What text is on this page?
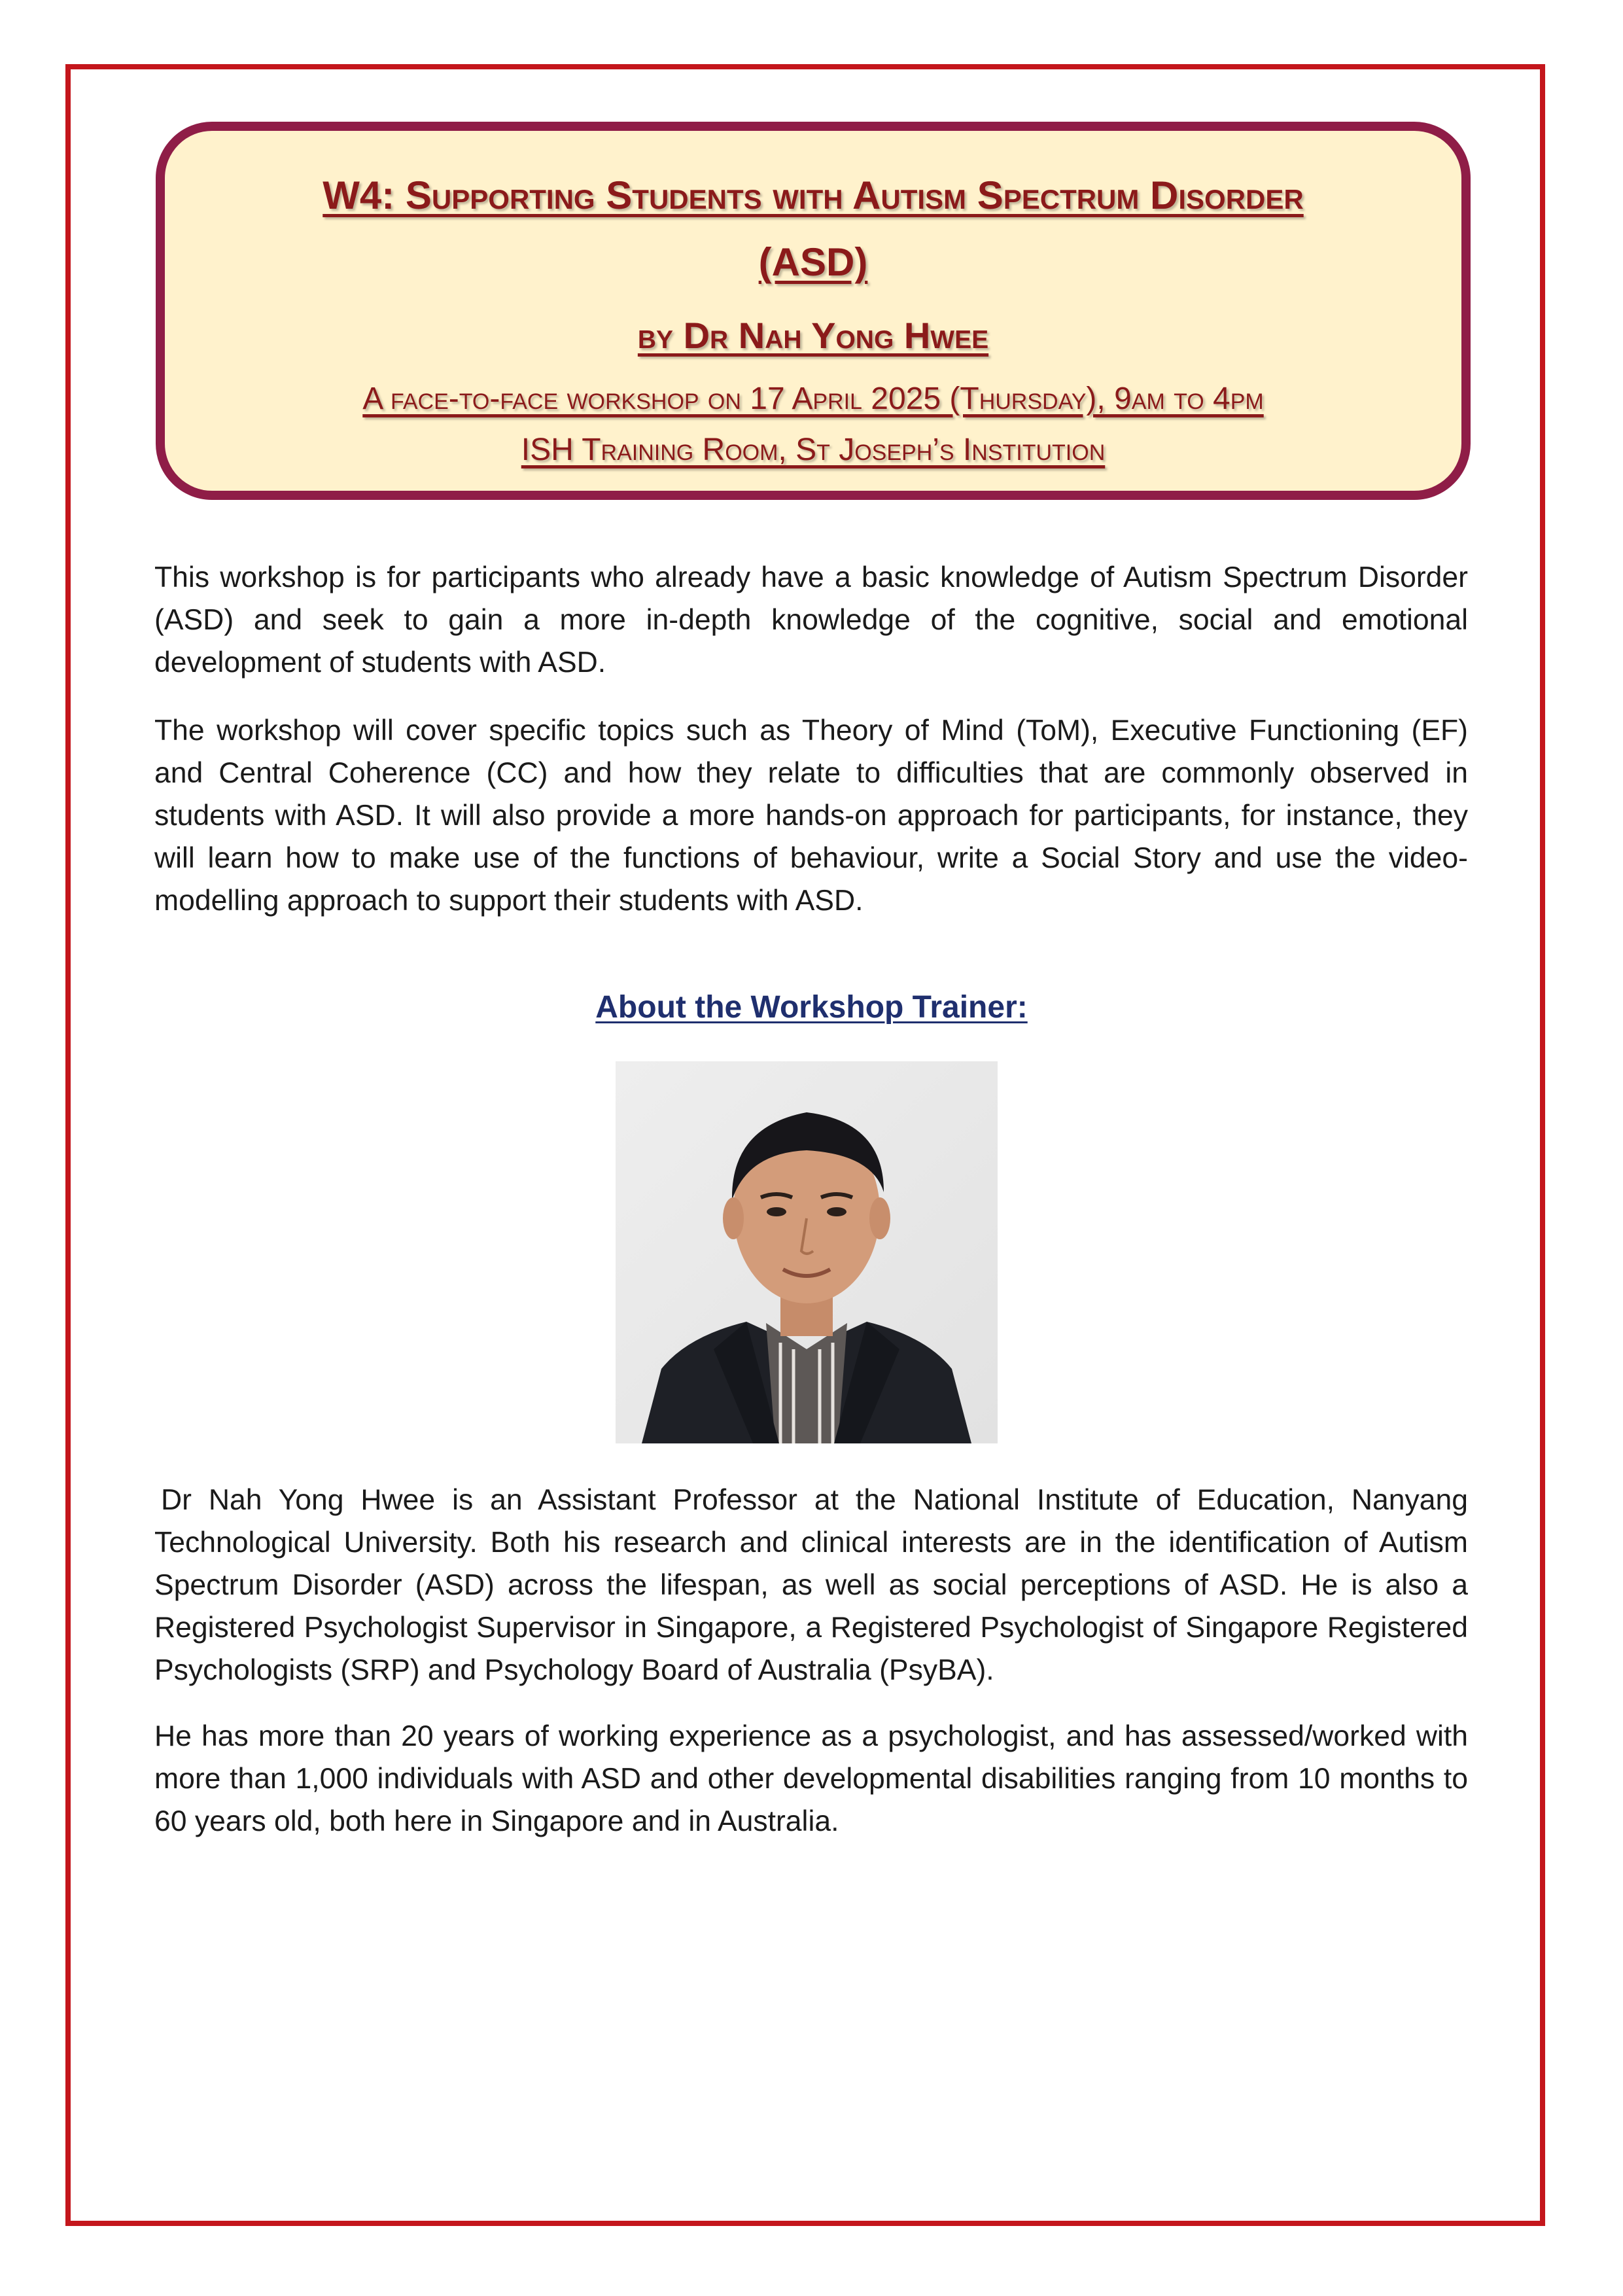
W4: Supporting Students with Autism Spectrum Disorder
(ASD)
by Dr Nah Yong Hwee
A face-to-face workshop on 17 April 2025 (Thursday), 9am to 4pm
ISH Training Room, St Joseph’s Institution

This workshop is for participants who already have a basic knowledge of Autism Spectrum Disorder (ASD) and seek to gain a more in-depth knowledge of the cognitive, social and emotional development of students with ASD.

The workshop will cover specific topics such as Theory of Mind (ToM), Executive Functioning (EF) and Central Coherence (CC) and how they relate to difficulties that are commonly observed in students with ASD. It will also provide a more hands-on approach for participants, for instance, they will learn how to make use of the functions of behaviour, write a Social Story and use the video-modelling approach to support their students with ASD.

About the Workshop Trainer:

Dr Nah Yong Hwee is an Assistant Professor at the National Institute of Education, Nanyang Technological University. Both his research and clinical interests are in the identification of Autism Spectrum Disorder (ASD) across the lifespan, as well as social perceptions of ASD. He is also a Registered Psychologist Supervisor in Singapore, a Registered Psychologist of Singapore Registered Psychologists (SRP) and Psychology Board of Australia (PsyBA).

He has more than 20 years of working experience as a psychologist, and has assessed/worked with more than 1,000 individuals with ASD and other developmental disabilities ranging from 10 months to 60 years old, both here in Singapore and in Australia.
